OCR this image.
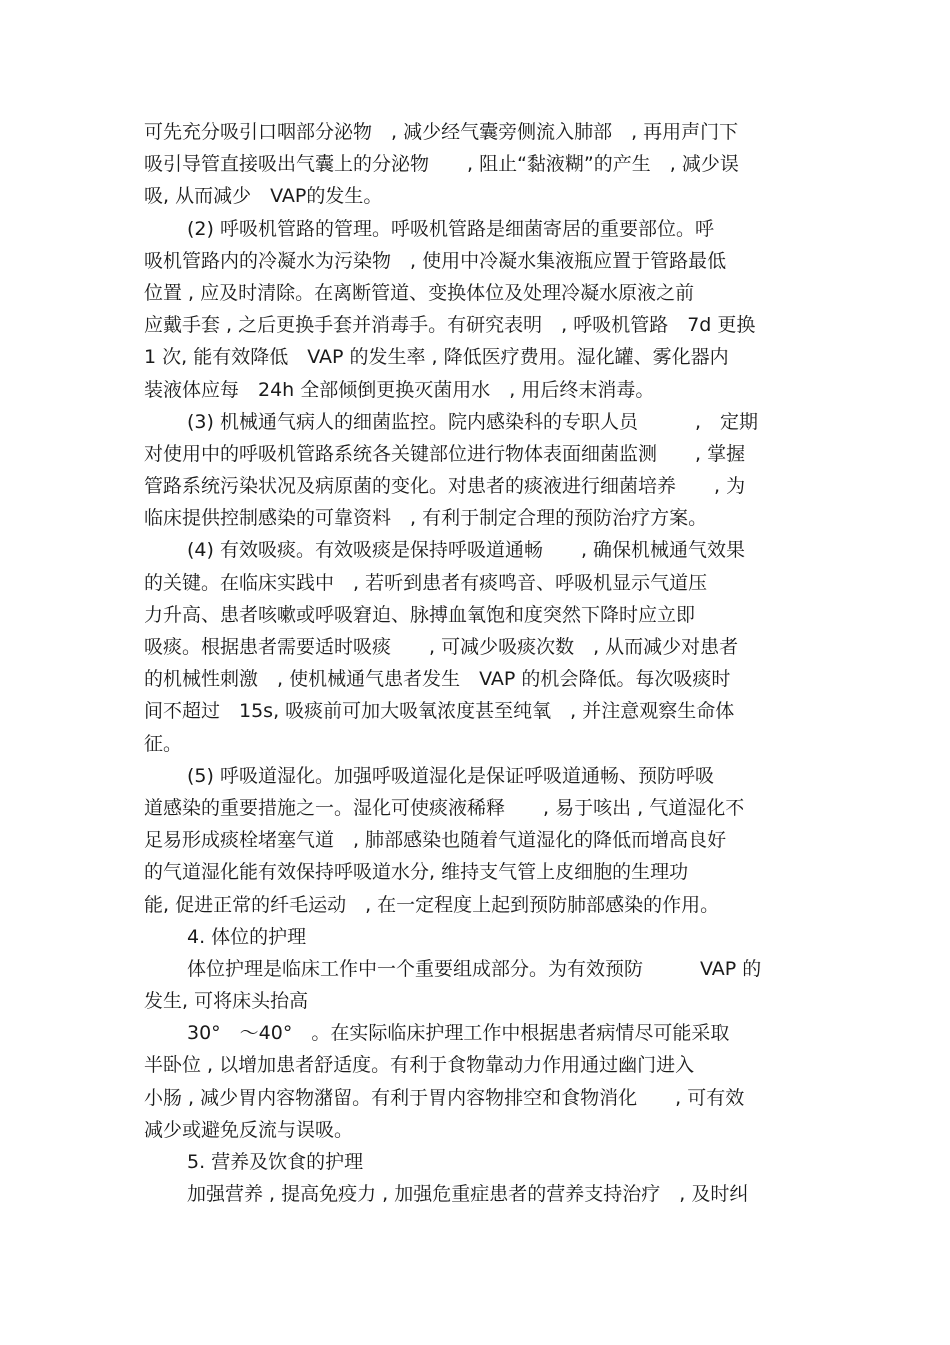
可先充分吸引口咽部分泌物　, 减少经气囊旁侧流入肺部　, 再用声门下
吸引导管直接吸出气囊上的分泌物　　, 阻止“黏液糊”的产生　, 减少误
吸, 从而减少　VAP的发生。
(2) 呼吸机管路的管理。呼吸机管路是细菌寄居的重要部位。呼
吸机管路内的冷凝水为污染物　, 使用中冷凝水集液瓶应置于管路最低
位置 , 应及时清除。在离断管道、变换体位及处理冷凝水原液之前
应戴手套 , 之后更换手套并消毒手。有研究表明　, 呼吸机管路　7d 更换
1 次, 能有效降低　VAP 的发生率 , 降低医疗费用。湿化罐、雾化器内
装液体应每　24h 全部倾倒更换灭菌用水　, 用后终末消毒。
(3) 机械通气病人的细菌监控。院内感染科的专职人员　　　,　定期
对使用中的呼吸机管路系统各关键部位进行物体表面细菌监测　　, 掌握
管路系统污染状况及病原菌的变化。对患者的痰液进行细菌培养　　, 为
临床提供控制感染的可靠资料　, 有利于制定合理的预防治疗方案。
(4) 有效吸痰。有效吸痰是保持呼吸道通畅　　, 确保机械通气效果
的关键。在临床实践中　, 若听到患者有痰鸣音、呼吸机显示气道压
力升高、患者咳嗽或呼吸窘迫、脉搏血氧饱和度突然下降时应立即
吸痰。根据患者需要适时吸痰　　, 可减少吸痰次数　, 从而减少对患者
的机械性刺激　, 使机械通气患者发生　VAP 的机会降低。每次吸痰时
间不超过　15s, 吸痰前可加大吸氧浓度甚至纯氧　, 并注意观察生命体
征。
(5) 呼吸道湿化。加强呼吸道湿化是保证呼吸道通畅、预防呼吸
道感染的重要措施之一。湿化可使痰液稀释　　, 易于咳出 , 气道湿化不
足易形成痰栓堵塞气道　, 肺部感染也随着气道湿化的降低而增高良好
的气道湿化能有效保持呼吸道水分, 维持支气管上皮细胞的生理功
能, 促进正常的纤毛运动　, 在一定程度上起到预防肺部感染的作用。
4. 体位的护理
体位护理是临床工作中一个重要组成部分。为有效预防　　　VAP 的
发生, 可将床头抬高
30°　～40°　。在实际临床护理工作中根据患者病情尽可能采取
半卧位 , 以增加患者舒适度。有利于食物靠动力作用通过幽门进入
小肠 , 减少胃内容物潴留。有利于胃内容物排空和食物消化　　, 可有效
减少或避免反流与误吸。
5. 营养及饮食的护理
加强营养 , 提高免疫力 , 加强危重症患者的营养支持治疗　, 及时纠
